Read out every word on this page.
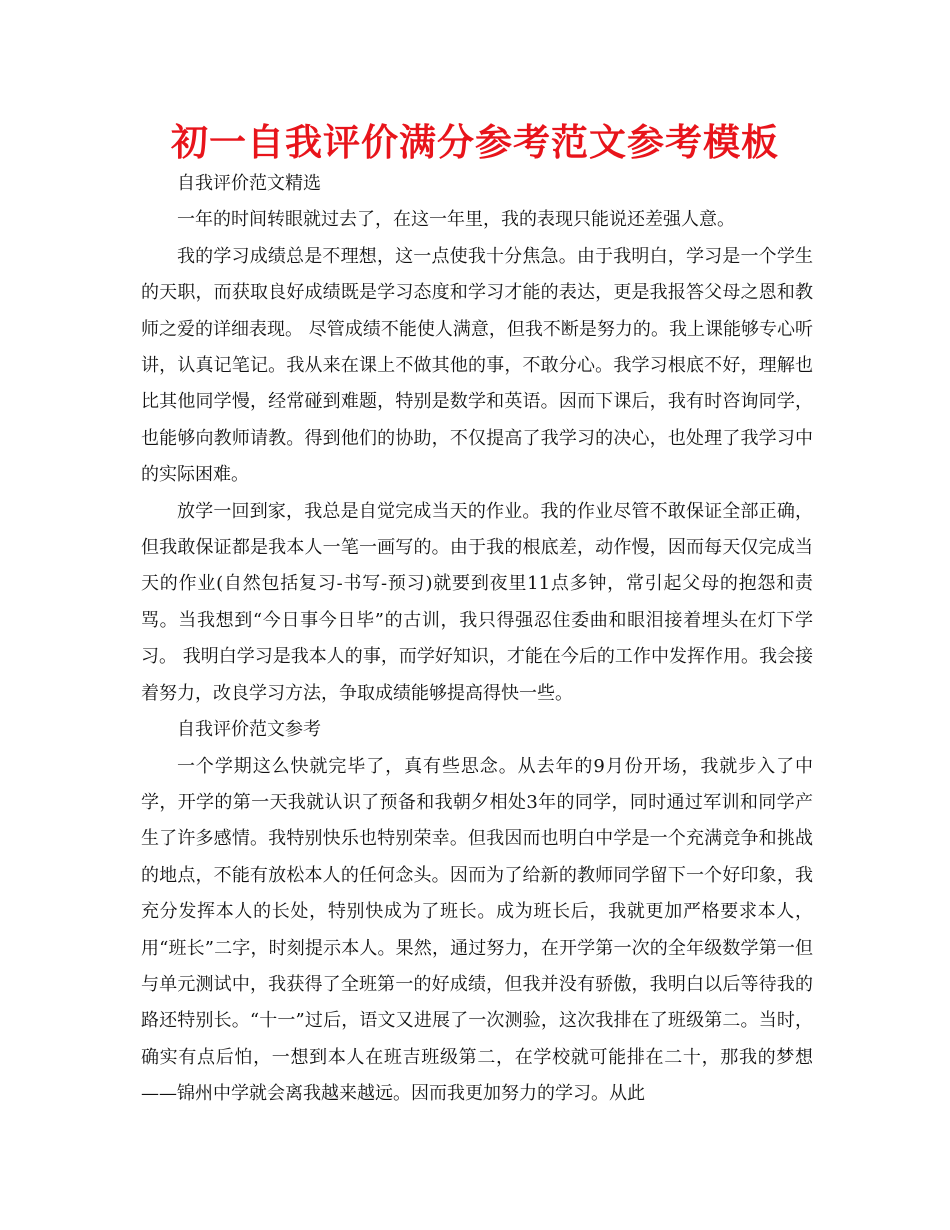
初一自我评价满分参考范文参考模板

自我评价范文精选

一年的时间转眼就过去了，在这一年里，我的表现只能说还差强人意。

我的学习成绩总是不理想，这一点使我十分焦急。由于我明白，学习是一个学生的天职，而获取良好成绩既是学习态度和学习才能的表达，更是我报答父母之恩和教师之爱的详细表现。 尽管成绩不能使人满意，但我不断是努力的。我上课能够专心听讲，认真记笔记。我从来在课上不做其他的事，不敢分心。我学习根底不好，理解也比其他同学慢，经常碰到难题，特别是数学和英语。因而下课后，我有时咨询同学，也能够向教师请教。得到他们的协助，不仅提高了我学习的决心，也处理了我学习中的实际困难。

放学一回到家，我总是自觉完成当天的作业。我的作业尽管不敢保证全部正确，但我敢保证都是我本人一笔一画写的。由于我的根底差，动作慢，因而每天仅完成当天的作业(自然包括复习-书写-预习)就要到夜里11点多钟，常引起父母的抱怨和责骂。当我想到“今日事今日毕”的古训，我只得强忍住委曲和眼泪接着埋头在灯下学习。 我明白学习是我本人的事，而学好知识，才能在今后的工作中发挥作用。我会接着努力，改良学习方法，争取成绩能够提高得快一些。

自我评价范文参考

一个学期这么快就完毕了，真有些思念。从去年的9月份开场，我就步入了中学，开学的第一天我就认识了预备和我朝夕相处3年的同学，同时通过军训和同学产生了许多感情。我特别快乐也特别荣幸。但我因而也明白中学是一个充满竞争和挑战的地点，不能有放松本人的任何念头。因而为了给新的教师同学留下一个好印象，我充分发挥本人的长处，特别快成为了班长。成为班长后，我就更加严格要求本人，用“班长”二字，时刻提示本人。果然，通过努力，在开学第一次的全年级数学第一但与单元测试中，我获得了全班第一的好成绩，但我并没有骄傲，我明白以后等待我的路还特别长。“十一”过后，语文又进展了一次测验，这次我排在了班级第二。当时，确实有点后怕，一想到本人在班吉班级第二，在学校就可能排在二十，那我的梦想——锦州中学就会离我越来越远。因而我更加努力的学习。从此
